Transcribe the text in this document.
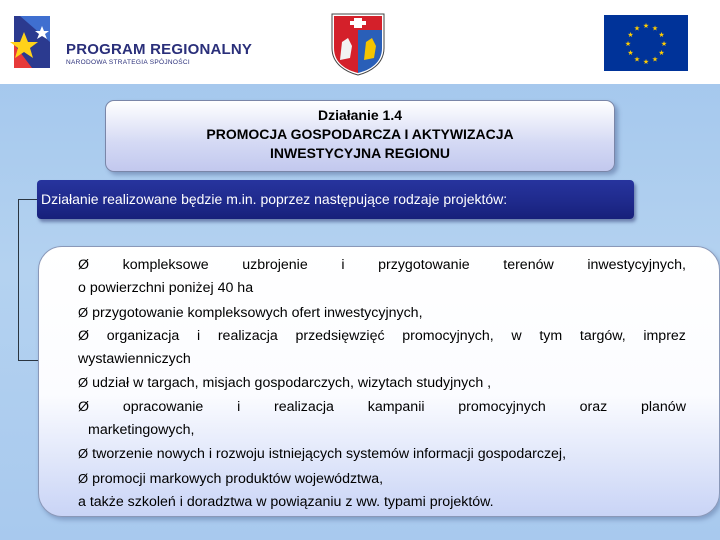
PROGRAM REGIONALNY
NARODOWA STRATEGIA SPÓJNOŚCI
★ ★
★
★
★
★
★
★
★
★
★
★
Działanie 1.4
PROMOCJA GOSPODARCZA I AKTYWIZACJA
INWESTYCYJNA REGIONU
Działanie realizowane będzie m.in. poprzez następujące rodzaje projektów:
Ø kompleksowe uzbrojenie i przygotowanie terenów inwestycyjnych,
o powierzchni poniżej 40 ha
Ø przygotowanie kompleksowych ofert inwestycyjnych,
Ø organizacja i realizacja przedsięwzięć promocyjnych, w tym targów, imprez
wystawienniczych
Ø udział w targach, misjach gospodarczych, wizytach studyjnych ,
Ø opracowanie i realizacja kampanii promocyjnych oraz planów
marketingowych,
Ø tworzenie nowych i rozwoju istniejących systemów informacji gospodarczej,
Ø promocji markowych produktów województwa,
a także szkoleń i doradztwa w powiązaniu z ww. typami projektów.
